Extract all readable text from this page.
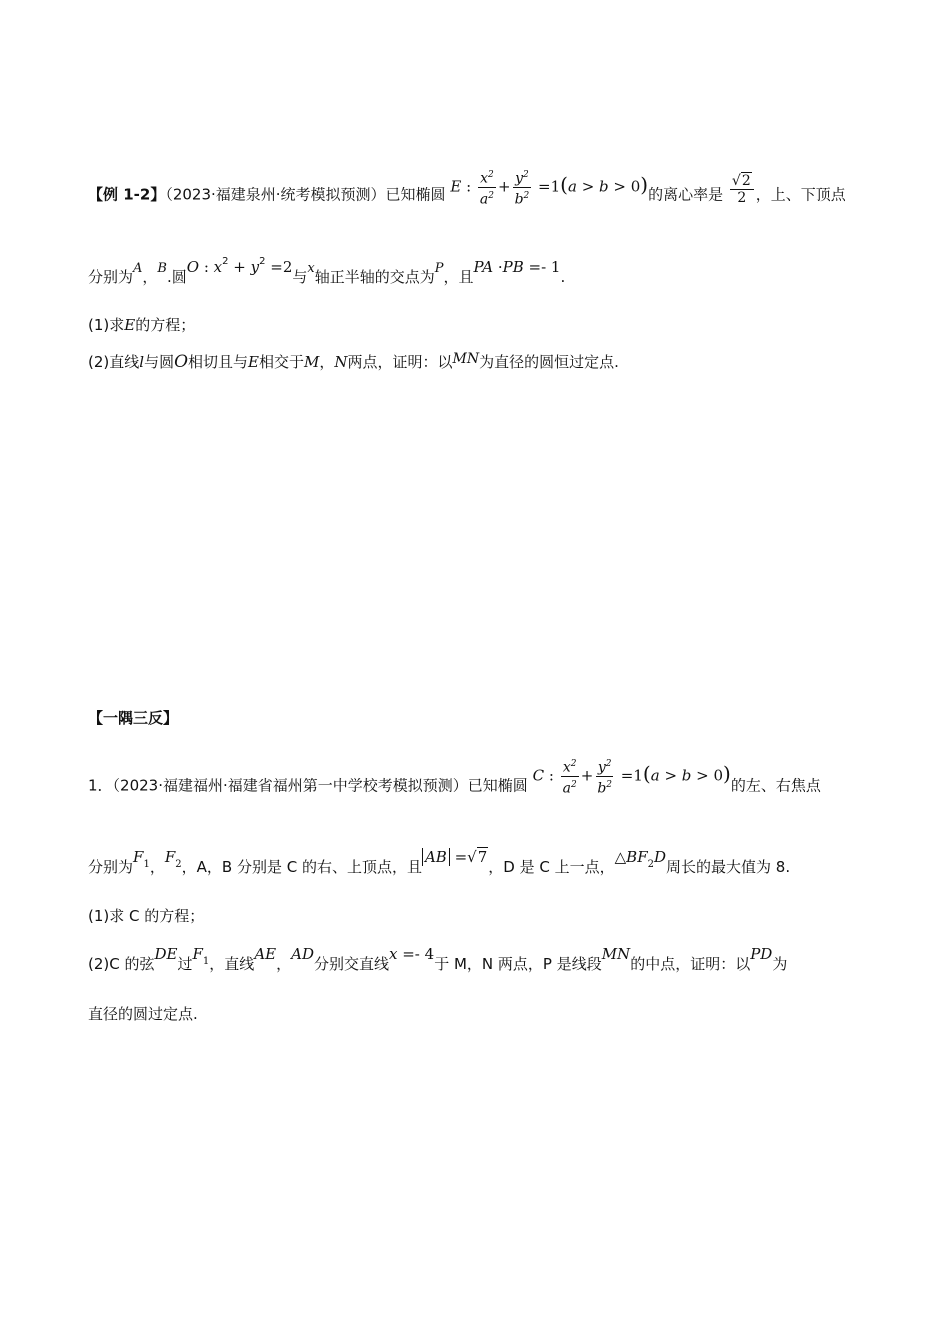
【例 1-2】（2023·福建泉州·统考模拟预测）已知椭圆 E : $\frac{x^2}{a^2} + \frac{y^2}{b^2} =1(a > b > 0)$的离心率是 $\frac{√2}{2}$ ，上、下顶点
分别为A，B.圆O : $x^2 + y^2 =2$与x轴正半轴的交点为P，且PA ·PB =- 1.
(1)求E的方程；
(2)直线l与圆O相切且与E相交于M，N两点，证明：以MN为直径的圆恒过定点.
【一隅三反】
1．（2023·福建福州·福建省福州第一中学校考模拟预测）已知椭圆 C : $\frac{x^2}{a^2} + \frac{y^2}{b^2} =1(a > b > 0)$的左、右焦点
分别为$F_1$，$F_2$，A，B 分别是 C 的右、上顶点，且AB =√7，D 是 C 上一点，$\triangle BF_2D$周长的最大值为 8.
(1)求 C 的方程；
(2)C 的弦DE过$F_1$，直线AE，AD分别交直线x =- 4于 M，N 两点，P 是线段MN的中点，证明：以PD为
直径的圆过定点.
